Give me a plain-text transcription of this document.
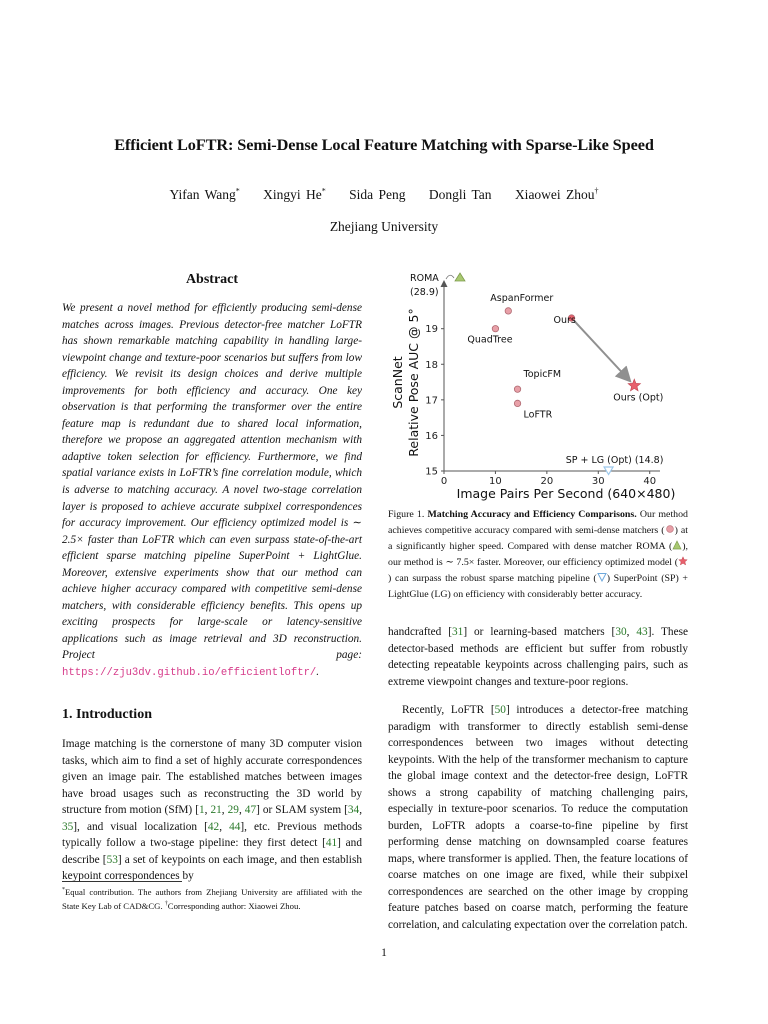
Efficient LoFTR: Semi-Dense Local Feature Matching with Sparse-Like Speed
Yifan Wang* Xingyi He* Sida Peng Dongli Tan Xiaowei Zhou†
Zhejiang University
Abstract

We present a novel method for efficiently producing semi-dense matches across images. Previous detector-free matcher LoFTR has shown remarkable matching capability in handling large-viewpoint change and texture-poor scenarios but suffers from low efficiency. We revisit its design choices and derive multiple improvements for both efficiency and accuracy. One key observation is that performing the transformer over the entire feature map is redundant due to shared local information, therefore we propose an aggregated attention mechanism with adaptive token selection for efficiency. Furthermore, we find spatial variance exists in LoFTR’s fine correlation module, which is adverse to matching accuracy. A novel two-stage correlation layer is proposed to achieve accurate subpixel correspondences for accuracy improvement. Our efficiency optimized model is ∼ 2.5× faster than LoFTR which can even surpass state-of-the-art efficient sparse matching pipeline SuperPoint + LightGlue. Moreover, extensive experiments show that our method can achieve higher accuracy compared with competitive semi-dense matchers, with considerable efficiency benefits. This opens up exciting prospects for large-scale or latency-sensitive applications such as image retrieval and 3D reconstruction. Project page: https://zju3dv.github.io/efficientloftr/.

1. Introduction

Image matching is the cornerstone of many 3D computer vision tasks, which aim to find a set of highly accurate correspondences given an image pair. The established matches between images have broad usages such as reconstructing the 3D world by structure from motion (SfM) [1, 21, 29, 47] or SLAM system [34, 35], and visual localization [42, 44], etc. Previous methods typically follow a two-stage pipeline: they first detect [41] and describe [53] a set of keypoints on each image, and then establish keypoint correspondences by

*Equal contribution. The authors from Zhejiang University are affiliated with the State Key Lab of CAD&CG. †Corresponding author: Xiaowei Zhou.

0	10	20	30	40
15
16
17
18
19
Image Pairs Per Second (640×480)
ScanNet Relative Pose AUC @ 5°
AspanFormer
QuadTree
Ours
TopicFM
LoFTR
Ours (Opt)
SP + LG (Opt) (14.8)
ROMA
(28.9)

Figure 1. Matching Accuracy and Efficiency Comparisons. Our method achieves competitive accuracy compared with semi-dense matchers ( ) at a significantly higher speed. Compared with dense matcher ROMA ( ), our method is ∼ 7.5× faster. Moreover, our efficiency optimized model () can surpass the robust sparse matching pipeline ( ) SuperPoint (SP) + LightGlue (LG) on efficiency with considerably better accuracy.

handcrafted [31] or learning-based matchers [30, 43]. These detector-based methods are efficient but suffer from robustly detecting repeatable keypoints across challenging pairs, such as extreme viewpoint changes and texture-poor regions.

Recently, LoFTR [50] introduces a detector-free matching paradigm with transformer to directly establish semi-dense correspondences between two images without detecting keypoints. With the help of the transformer mechanism to capture the global image context and the detector-free design, LoFTR shows a strong capability of matching challenging pairs, especially in texture-poor scenarios. To reduce the computation burden, LoFTR adopts a coarse-to-fine pipeline by first performing dense matching on downsampled coarse features maps, where transformer is applied. Then, the feature locations of coarse matches on one image are fixed, while their subpixel correspondences are searched on the other image by cropping feature patches based on coarse match, performing the feature correlation, and calculating expectation over the correlation patch.

1
